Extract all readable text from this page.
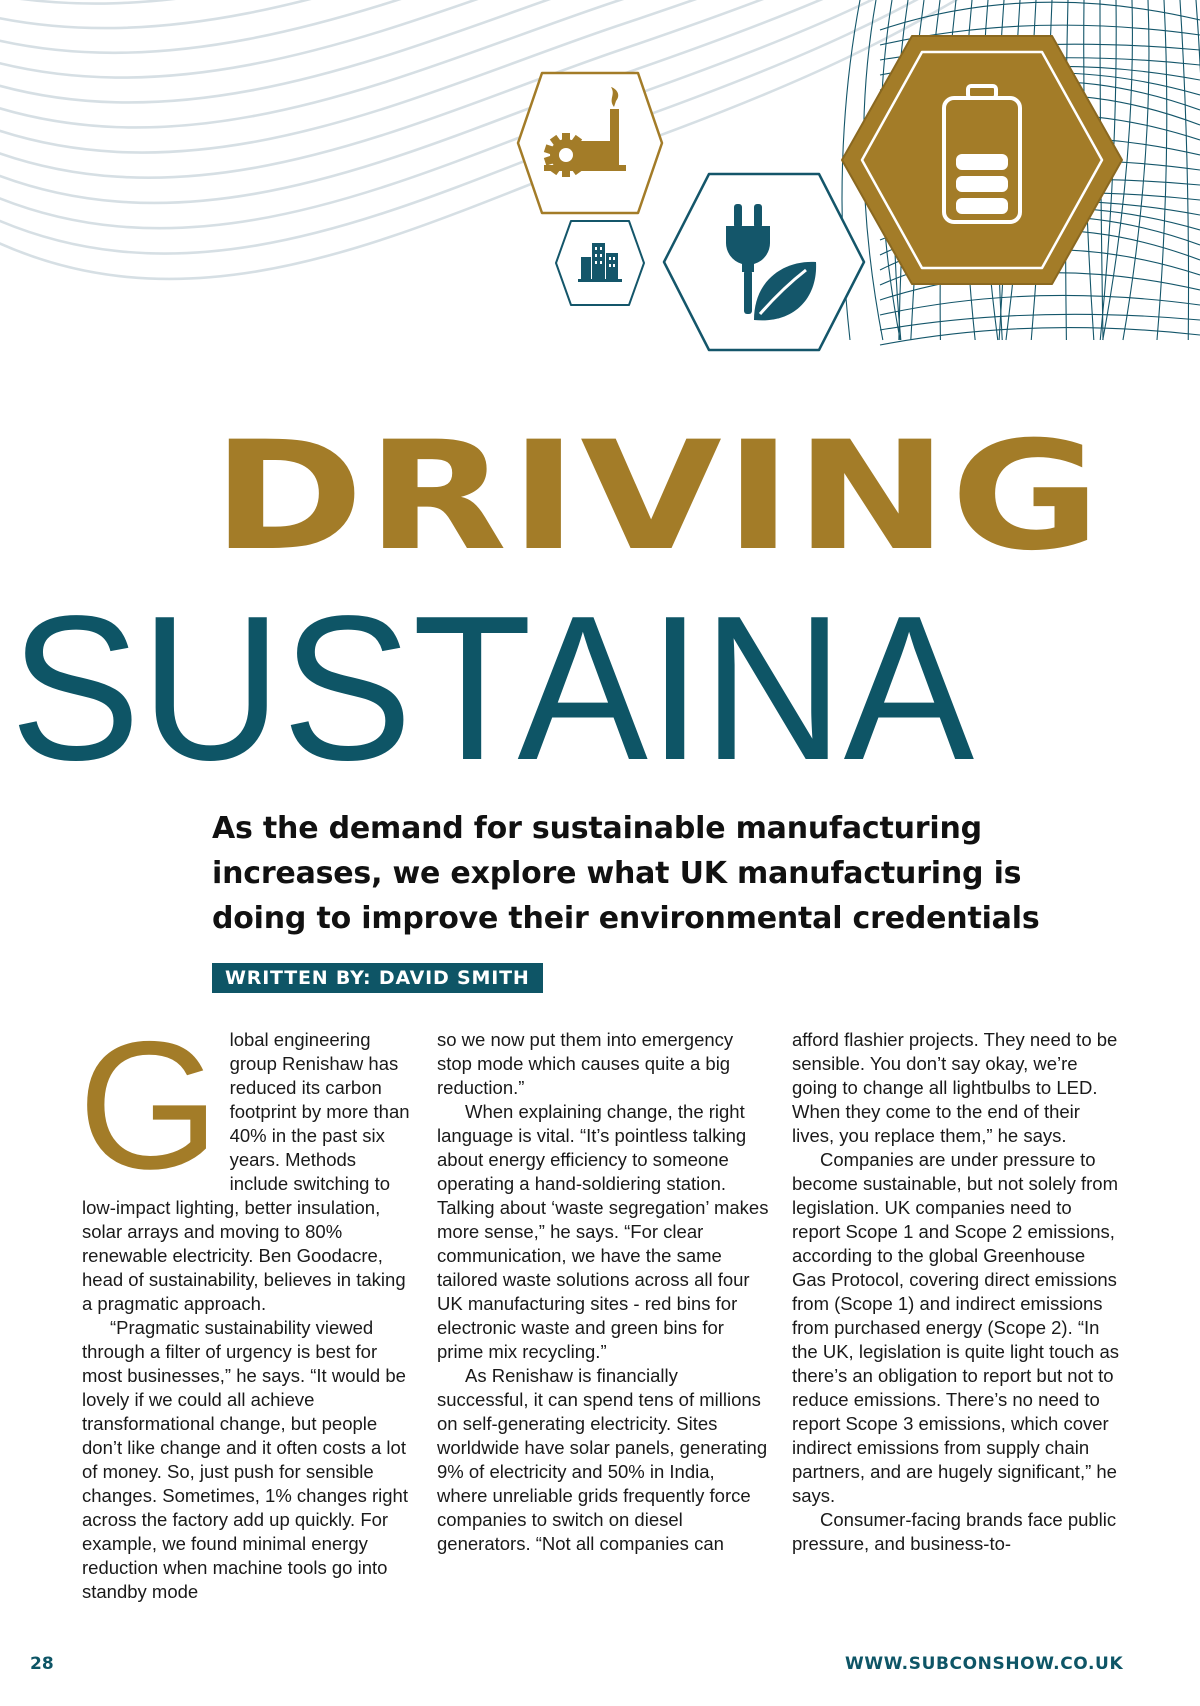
DRIVING
SUSTAINA

As the demand for sustainable manufacturing increases, we explore what UK manufacturing is doing to improve their environmental credentials

WRITTEN BY: DAVID SMITH

Global engineering group Renishaw has reduced its carbon footprint by more than 40% in the past six years. Methods include switching to low-impact lighting, better insulation, solar arrays and moving to 80% renewable electricity. Ben Goodacre, head of sustainability, believes in taking a pragmatic approach.

“Pragmatic sustainability viewed through a filter of urgency is best for most businesses,” he says. “It would be lovely if we could all achieve transformational change, but people don’t like change and it often costs a lot of money. So, just push for sensible changes. Sometimes, 1% changes right across the factory add up quickly. For example, we found minimal energy reduction when machine tools go into standby mode

so we now put them into emergency stop mode which causes quite a big reduction.”

When explaining change, the right language is vital. “It’s pointless talking about energy efficiency to someone operating a hand-soldiering station. Talking about ‘waste segregation’ makes more sense,” he says. “For clear communication, we have the same tailored waste solutions across all four UK manufacturing sites - red bins for electronic waste and green bins for prime mix recycling.”

As Renishaw is financially successful, it can spend tens of millions on self-generating electricity. Sites worldwide have solar panels, generating 9% of electricity and 50% in India, where unreliable grids frequently force companies to switch on diesel generators. “Not all companies can

afford flashier projects. They need to be sensible. You don’t say okay, we’re going to change all lightbulbs to LED. When they come to the end of their lives, you replace them,” he says.

Companies are under pressure to become sustainable, but not solely from legislation. UK companies need to report Scope 1 and Scope 2 emissions, according to the global Greenhouse Gas Protocol, covering direct emissions from (Scope 1) and indirect emissions from purchased energy (Scope 2). “In the UK, legislation is quite light touch as there’s an obligation to report but not to reduce emissions. There’s no need to report Scope 3 emissions, which cover indirect emissions from supply chain partners, and are hugely significant,” he says.

Consumer-facing brands face public pressure, and business-to-

28	WWW.SUBCONSHOW.CO.UK
